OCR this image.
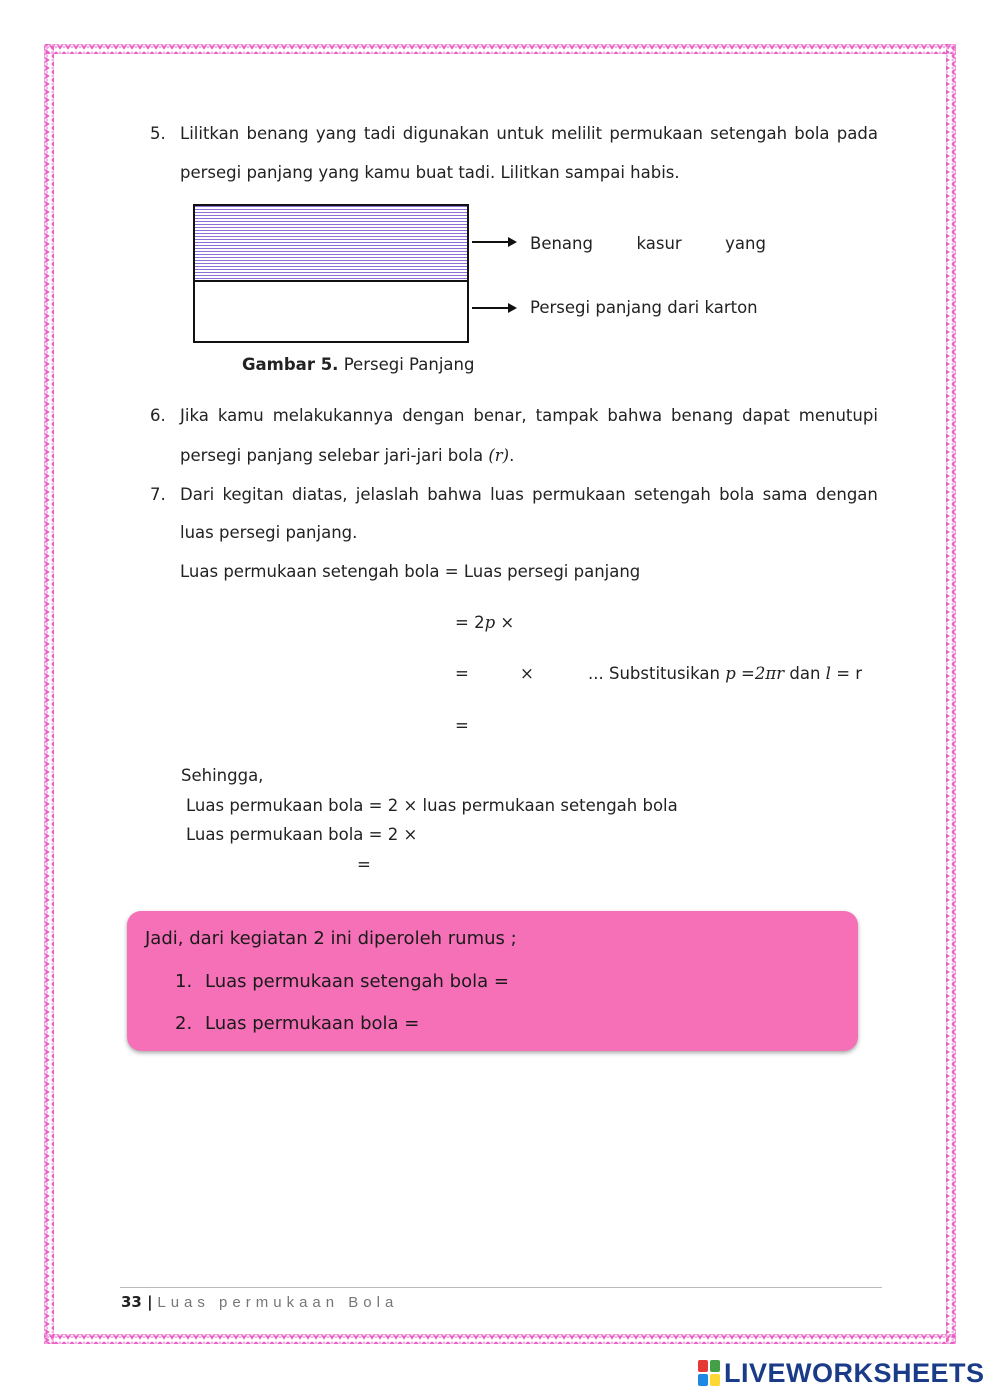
5. Lilitkan benang yang tadi digunakan untuk melilit permukaan setengah bola pada
persegi panjang yang kamu buat tadi. Lilitkan sampai habis.
Benang	kasur	yang
Persegi panjang dari karton
Gambar 5. Persegi Panjang
6. Jika kamu melakukannya dengan benar, tampak bahwa benang dapat menutupi
persegi panjang selebar jari-jari bola (r).
7. Dari kegitan diatas, jelaslah bahwa luas permukaan setengah bola sama dengan
luas persegi panjang.
Luas permukaan setengah bola = Luas persegi panjang
= 2p ×
=	×	... Substitusikan p =2πr dan l = r
=
Sehingga,
Luas permukaan bola = 2 × luas permukaan setengah bola
Luas permukaan bola = 2 ×
=
Jadi, dari kegiatan 2 ini diperoleh rumus ;
1. Luas permukaan setengah bola =
2. Luas permukaan bola =
33 | Luas permukaan Bola
LIVEWORKSHEETS
